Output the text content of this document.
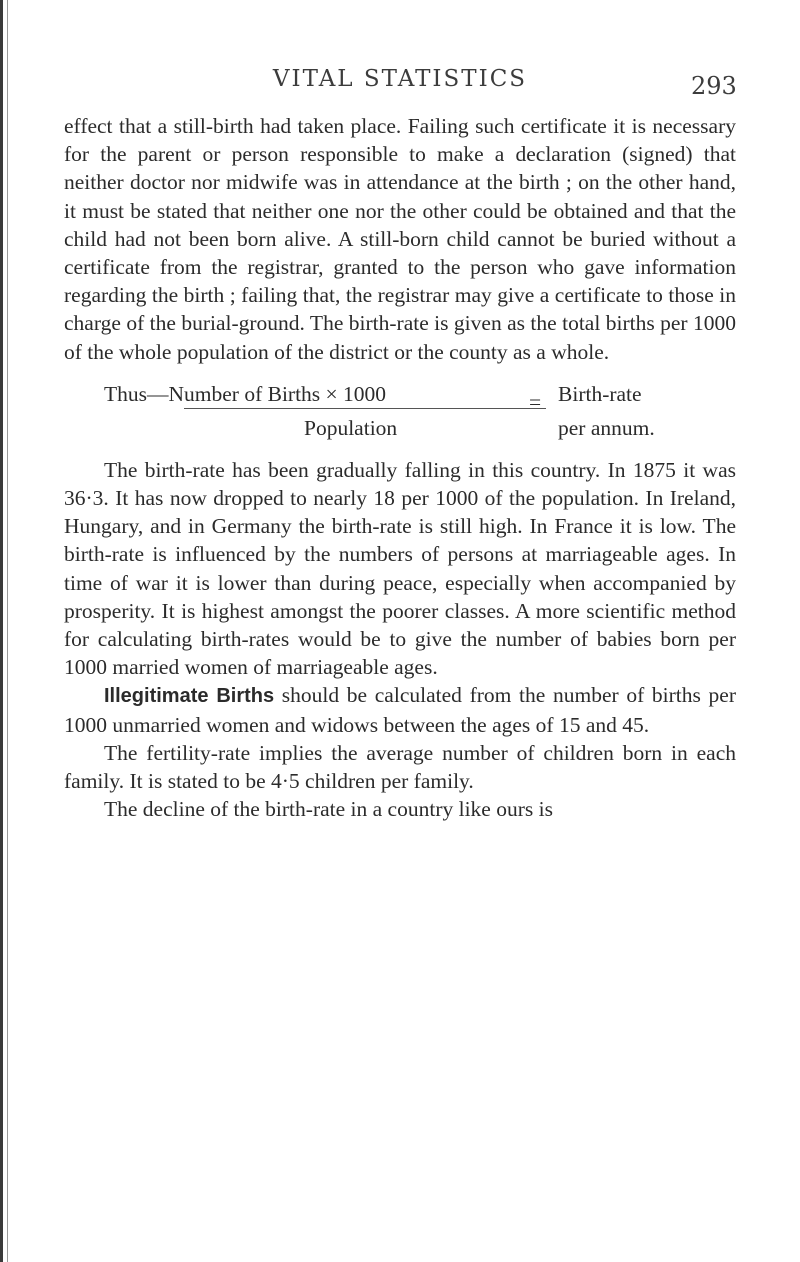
VITAL STATISTICS	293

effect that a still-birth had taken place. Failing such certificate it is necessary for the parent or person responsible to make a declaration (signed) that neither doctor nor midwife was in attendance at the birth ; on the other hand, it must be stated that neither one nor the other could be obtained and that the child had not been born alive. A still-born child cannot be buried without a certificate from the registrar, granted to the person who gave information regarding the birth ; failing that, the registrar may give a certificate to those in charge of the burial-ground. The birth-rate is given as the total births per 1000 of the whole population of the district or the county as a whole.

Thus—Number of Births × 1000
Population
= Birth-rate
per annum.

The birth-rate has been gradually falling in this country. In 1875 it was 36·3. It has now dropped to nearly 18 per 1000 of the population. In Ireland, Hungary, and in Germany the birth-rate is still high. In France it is low. The birth-rate is influenced by the numbers of persons at marriageable ages. In time of war it is lower than during peace, especially when accompanied by prosperity. It is highest amongst the poorer classes. A more scientific method for calculating birth-rates would be to give the number of babies born per 1000 married women of marriageable ages.

Illegitimate Births should be calculated from the number of births per 1000 unmarried women and widows between the ages of 15 and 45.

The fertility-rate implies the average number of children born in each family. It is stated to be 4·5 children per family.

The decline of the birth-rate in a country like ours is
